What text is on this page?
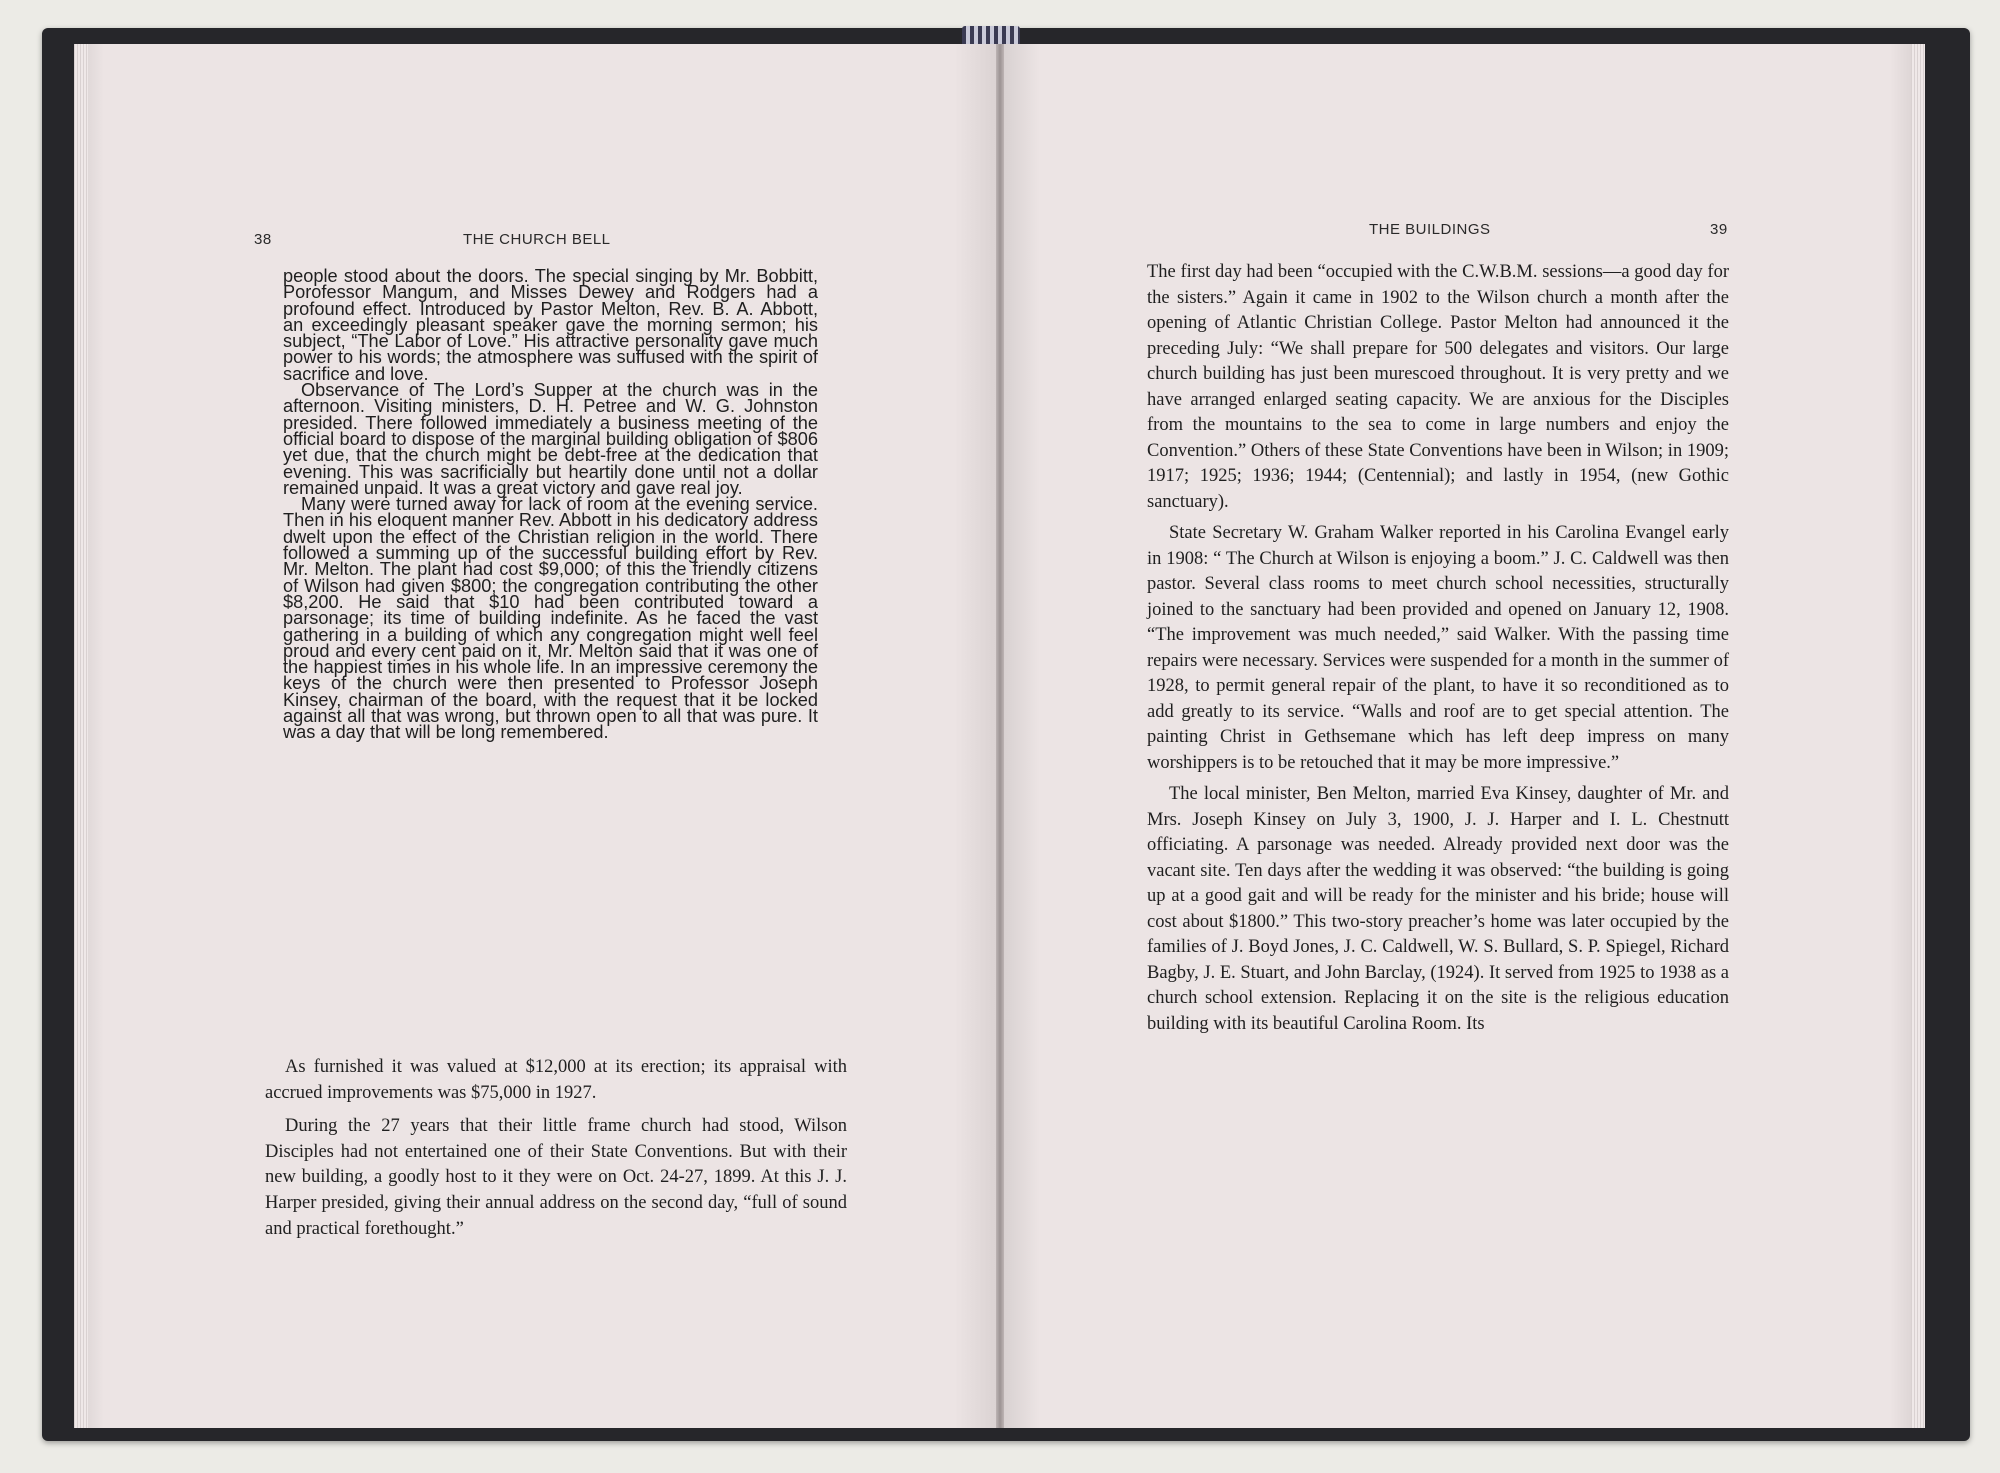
38	THE CHURCH BELL

people stood about the doors. The special singing by Mr. Bobbitt, Porofessor Mangum, and Misses Dewey and Rodgers had a profound effect. Introduced by Pastor Melton, Rev. B. A. Abbott, an exceedingly pleasant speaker gave the morning sermon; his subject, “The Labor of Love.” His attractive personality gave much power to his words; the atmosphere was suffused with the spirit of sacrifice and love.

Observance of The Lord’s Supper at the church was in the afternoon. Visiting ministers, D. H. Petree and W. G. Johnston presided. There followed immediately a business meeting of the official board to dispose of the marginal building obligation of $806 yet due, that the church might be debt-free at the dedication that evening. This was sacrificially but heartily done until not a dollar remained unpaid. It was a great victory and gave real joy.

Many were turned away for lack of room at the evening service. Then in his eloquent manner Rev. Abbott in his dedicatory address dwelt upon the effect of the Christian religion in the world. There followed a summing up of the successful building effort by Rev. Mr. Melton. The plant had cost $9,000; of this the friendly citizens of Wilson had given $800; the congregation contributing the other $8,200. He said that $10 had been contributed toward a parsonage; its time of building indefinite. As he faced the vast gathering in a building of which any congregation might well feel proud and every cent paid on it, Mr. Melton said that it was one of the happiest times in his whole life. In an impressive ceremony the keys of the church were then presented to Professor Joseph Kinsey, chairman of the board, with the request that it be locked against all that was wrong, but thrown open to all that was pure. It was a day that will be long remembered.

As furnished it was valued at $12,000 at its erection; its appraisal with accrued improvements was $75,000 in 1927.

During the 27 years that their little frame church had stood, Wilson Disciples had not entertained one of their State Conventions. But with their new building, a goodly host to it they were on Oct. 24-27, 1899. At this J. J. Harper presided, giving their annual address on the second day, “full of sound and practical forethought.”

THE BUILDINGS	39

The first day had been “occupied with the C.W.B.M. sessions—a good day for the sisters.” Again it came in 1902 to the Wilson church a month after the opening of Atlantic Christian College. Pastor Melton had announced it the preceding July: “We shall prepare for 500 delegates and visitors. Our large church building has just been murescoed throughout. It is very pretty and we have arranged enlarged seating capacity. We are anxious for the Disciples from the mountains to the sea to come in large numbers and enjoy the Convention.” Others of these State Conventions have been in Wilson; in 1909; 1917; 1925; 1936; 1944; (Centennial); and lastly in 1954, (new Gothic sanctuary).

State Secretary W. Graham Walker reported in his Carolina Evangel early in 1908: “ The Church at Wilson is enjoying a boom.” J. C. Caldwell was then pastor. Several class rooms to meet church school necessities, structurally joined to the sanctuary had been provided and opened on January 12, 1908. “The improvement was much needed,” said Walker. With the passing time repairs were necessary. Services were suspended for a month in the summer of 1928, to permit general repair of the plant, to have it so reconditioned as to add greatly to its service. “Walls and roof are to get special attention. The painting Christ in Gethsemane which has left deep impress on many worshippers is to be retouched that it may be more impressive.”

The local minister, Ben Melton, married Eva Kinsey, daughter of Mr. and Mrs. Joseph Kinsey on July 3, 1900, J. J. Harper and I. L. Chestnutt officiating. A parsonage was needed. Already provided next door was the vacant site. Ten days after the wedding it was observed: “the building is going up at a good gait and will be ready for the minister and his bride; house will cost about $1800.” This two-story preacher’s home was later occupied by the families of J. Boyd Jones, J. C. Caldwell, W. S. Bullard, S. P. Spiegel, Richard Bagby, J. E. Stuart, and John Barclay, (1924). It served from 1925 to 1938 as a church school extension. Replacing it on the site is the religious education building with its beautiful Carolina Room. Its
